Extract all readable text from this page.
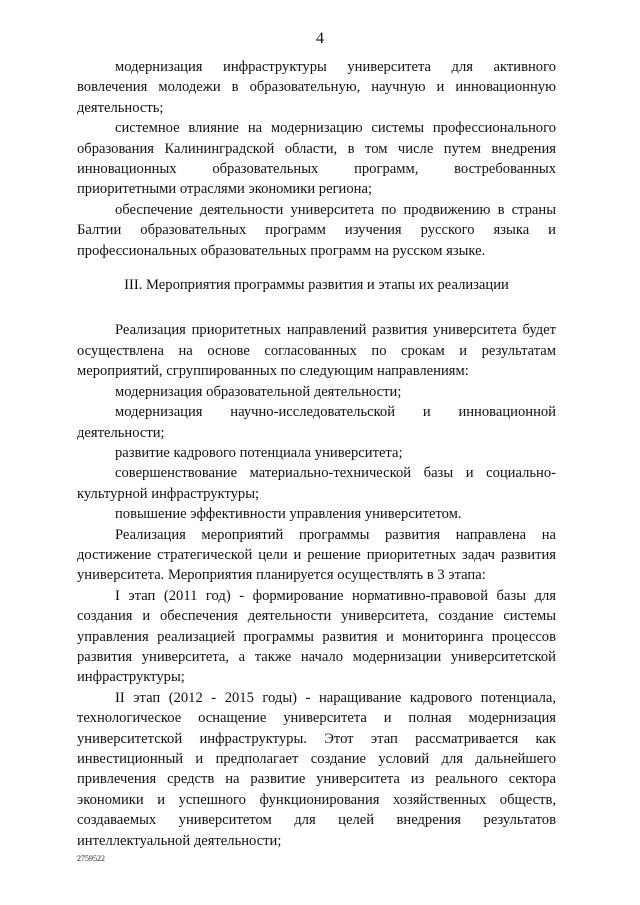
4

модернизация инфраструктуры университета для активного вовлечения молодежи в образовательную, научную и инновационную деятельность;

системное влияние на модернизацию системы профессионального образования Калининградской области, в том числе путем внедрения инновационных образовательных программ, востребованных приоритетными отраслями экономики региона;

обеспечение деятельности университета по продвижению в страны Балтии образовательных программ изучения русского языка и профессиональных образовательных программ на русском языке.

III. Мероприятия программы развития и этапы их реализации

Реализация приоритетных направлений развития университета будет осуществлена на основе согласованных по срокам и результатам мероприятий, сгруппированных по следующим направлениям:

модернизация образовательной деятельности;

модернизация научно-исследовательской и инновационной деятельности;

развитие кадрового потенциала университета;

совершенствование материально-технической базы и социально-культурной инфраструктуры;

повышение эффективности управления университетом.

Реализация мероприятий программы развития направлена на достижение стратегической цели и решение приоритетных задач развития университета. Мероприятия планируется осуществлять в 3 этапа:

I этап (2011 год) - формирование нормативно-правовой базы для создания и обеспечения деятельности университета, создание системы управления реализацией программы развития и мониторинга процессов развития университета, а также начало модернизации университетской инфраструктуры;

II этап (2012 - 2015 годы) - наращивание кадрового потенциала, технологическое оснащение университета и полная модернизация университетской инфраструктуры. Этот этап рассматривается как инвестиционный и предполагает создание условий для дальнейшего привлечения средств на развитие университета из реального сектора экономики и успешного функционирования хозяйственных обществ, создаваемых университетом для целей внедрения результатов интеллектуальной деятельности;

2759522
